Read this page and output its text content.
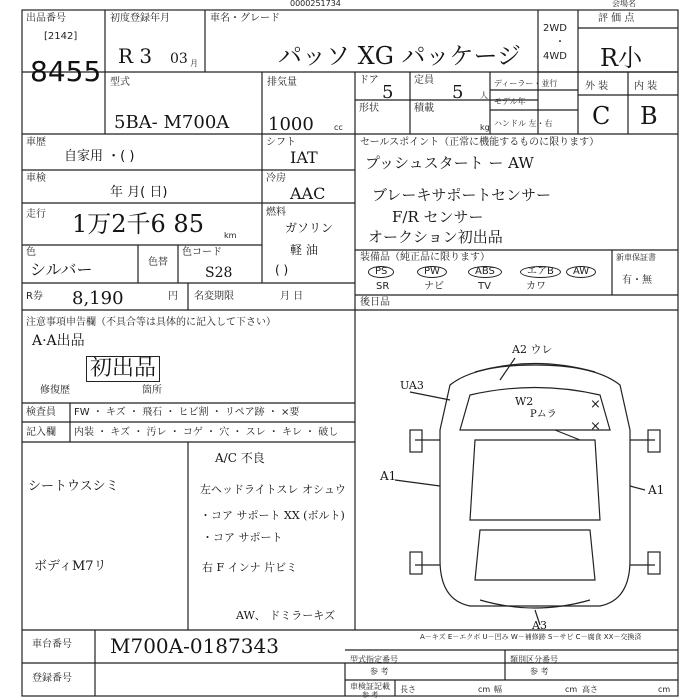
0000251734	会場名
出品番号
[2142]
8455
初度登録年月
R 3 03 月
車名・グレード
パッソ XG パッケージ
2WD
・
4WD
評 価 点
R小
型式
5BA- M700A
排気量
1000	cc
ドア
5
定員
5 人
形状	積載
kg
ディーラー・並行
モデル年
ハンドル 左・右
外 装	内 装
C B
車歴
自家用 ・( )
シフト
IAT
車検
年 月( 日)
冷房
AAC
走行 1万2千6 85	km
燃料
ガソリン
軽 油
( )
色
シルバー	色替
色コード
S28
R券 8,190	円 名変期限	月 日
セールスポイント（正常に機能するものに限ります）
プッシュスタート ー AW
ブレーキサポートセンサー
F/R センサー
オークション初出品
装備品（純正品に限ります）
PS	PW	ABS	エアB	AW
SR	ナビ	TV	カワ
新車保証書
有・無
後日品
注意事項申告欄（不具合等は具体的に記入して下さい）
A·A出品
初出品
修復歴	箇所
検査員 FW ・ キズ ・ 飛石 ・ ヒビ割 ・ リペア跡 ・ ×要
記入欄 内装 ・ キズ ・ 汚レ ・ コゲ ・ 穴 ・ スレ ・ キレ ・ 破し
シートウスシミ
ボディM7リ
A/C 不良
左ヘッドライトスレ オシュウ
・コア サポート XX (ボルト)
・コア サポート
右 F インナ 片ビミ
AW、 ドミラーキズ
A2 ウレ
UA3
W2
Pムラ
×
×
A1
A1
A3
A－キズ E－エクボ U－凹み W－補修跡 S－サビ C－腐食 XX－交換済
車台番号 M700A-0187343
登録番号
型式指定番号
参 考
類別区分番号
参 考
車検証記載
参 考
長さ	cm 幅	cm 高さ	cm
